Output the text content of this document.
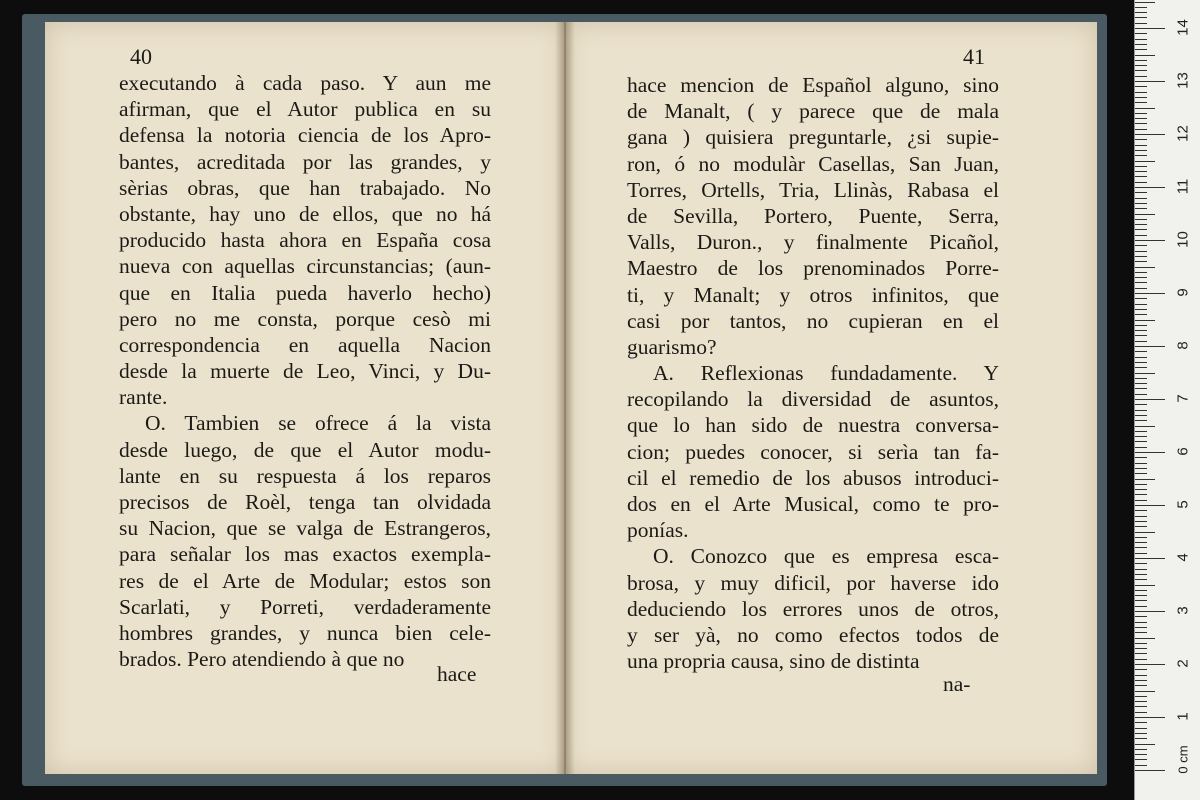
40
executando à cada paso. Y aun me
afirman, que el Autor publica en su
defensa la notoria ciencia de los Apro-
bantes, acreditada por las grandes, y
sèrias obras, que han trabajado. No
obstante, hay uno de ellos, que no há
producido hasta ahora en España cosa
nueva con aquellas circunstancias; (aun-
que en Italia pueda haverlo hecho)
pero no me consta, porque cesò mi
correspondencia en aquella Nacion
desde la muerte de Leo, Vinci, y Du-
rante.
O. Tambien se ofrece á la vista
desde luego, de que el Autor modu-
lante en su respuesta á los reparos
precisos de Roèl, tenga tan olvidada
su Nacion, que se valga de Estrangeros,
para señalar los mas exactos exempla-
res de el Arte de Modular; estos son
Scarlati, y Porreti, verdaderamente
hombres grandes, y nunca bien cele-
brados. Pero atendiendo à que no
hace
41
hace mencion de Español alguno, sino
de Manalt, ( y parece que de mala
gana ) quisiera preguntarle, ¿si supie-
ron, ó no modulàr Casellas, San Juan,
Torres, Ortells, Tria, Llinàs, Rabasa el
de Sevilla, Portero, Puente, Serra,
Valls, Duron., y finalmente Picañol,
Maestro de los prenominados Porre-
ti, y Manalt; y otros infinitos, que
casi por tantos, no cupieran en el
guarismo?
A. Reflexionas fundadamente. Y
recopilando la diversidad de asuntos,
que lo han sido de nuestra conversa-
cion; puedes conocer, si serìa tan fa-
cil el remedio de los abusos introduci-
dos en el Arte Musical, como te pro-
ponías.
O. Conozco que es empresa esca-
brosa, y muy dificil, por haverse ido
deduciendo los errores unos de otros,
y ser yà, no como efectos todos de
una propria causa, sino de distinta
na-
0 cm
1
2
3
4
5
6
7
8
9
10
11
12
13
14
